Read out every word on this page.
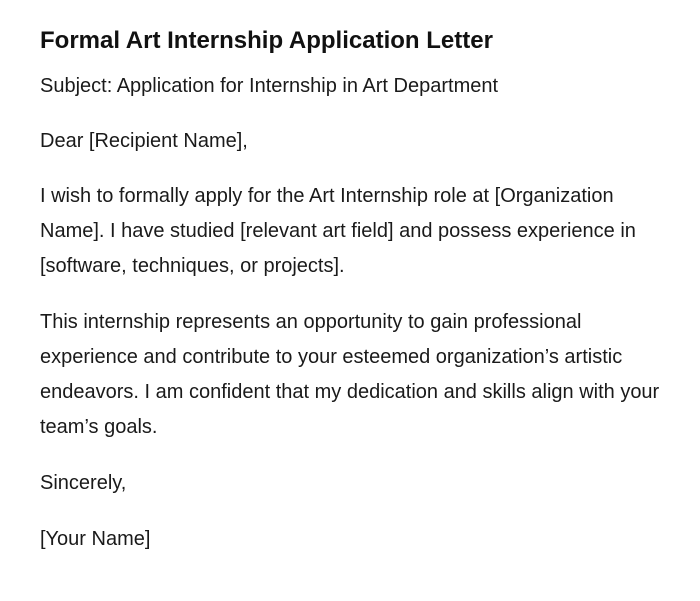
Formal Art Internship Application Letter

Subject: Application for Internship in Art Department

Dear [Recipient Name],

I wish to formally apply for the Art Internship role at [Organization Name]. I have studied [relevant art field] and possess experience in [software, techniques, or projects].

This internship represents an opportunity to gain professional experience and contribute to your esteemed organization’s artistic endeavors. I am confident that my dedication and skills align with your team’s goals.

Sincerely,

[Your Name]
